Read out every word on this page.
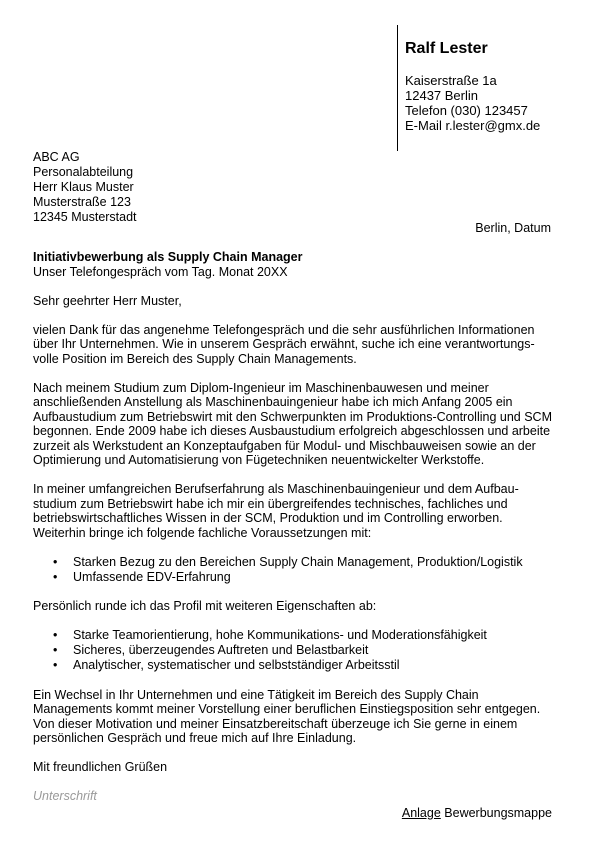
Ralf Lester
Kaiserstraße 1a
12437 Berlin
Telefon (030) 123457
E-Mail r.lester@gmx.de
ABC AG
Personalabteilung
Herr Klaus Muster
Musterstraße 123
12345 Musterstadt
Berlin, Datum

Initiativbewerbung als Supply Chain Manager

Unser Telefongespräch vom Tag. Monat 20XX

Sehr geehrter Herr Muster,

vielen Dank für das angenehme Telefongespräch und die sehr ausführlichen Informationen über Ihr Unternehmen. Wie in unserem Gespräch erwähnt, suche ich eine verantwortungsvolle Position im Bereich des Supply Chain Managements.

Nach meinem Studium zum Diplom-Ingenieur im Maschinenbauwesen und meiner anschließenden Anstellung als Maschinenbauingenieur habe ich mich Anfang 2005 ein Aufbaustudium zum Betriebswirt mit den Schwerpunkten im Produktions-Controlling und SCM begonnen. Ende 2009 habe ich dieses Ausbaustudium erfolgreich abgeschlossen und arbeite zurzeit als Werkstudent an Konzeptaufgaben für Modul- und Mischbauweisen sowie an der Optimierung und Automatisierung von Fügetechniken neuentwickelter Werkstoffe.

In meiner umfangreichen Berufserfahrung als Maschinenbauingenieur und dem Aufbaustudium zum Betriebswirt habe ich mir ein übergreifendes technisches, fachliches und betriebswirtschaftliches Wissen in der SCM, Produktion und im Controlling erworben. Weiterhin bringe ich folgende fachliche Voraussetzungen mit:

• Starken Bezug zu den Bereichen Supply Chain Management, Produktion/Logistik
• Umfassende EDV-Erfahrung

Persönlich runde ich das Profil mit weiteren Eigenschaften ab:

• Starke Teamorientierung, hohe Kommunikations- und Moderationsfähigkeit
• Sicheres, überzeugendes Auftreten und Belastbarkeit
• Analytischer, systematischer und selbstständiger Arbeitsstil

Ein Wechsel in Ihr Unternehmen und eine Tätigkeit im Bereich des Supply Chain Managements kommt meiner Vorstellung einer beruflichen Einstiegsposition sehr entgegen. Von dieser Motivation und meiner Einsatzbereitschaft überzeuge ich Sie gerne in einem persönlichen Gespräch und freue mich auf Ihre Einladung.

Mit freundlichen Grüßen

Unterschrift

Anlage Bewerbungsmappe
